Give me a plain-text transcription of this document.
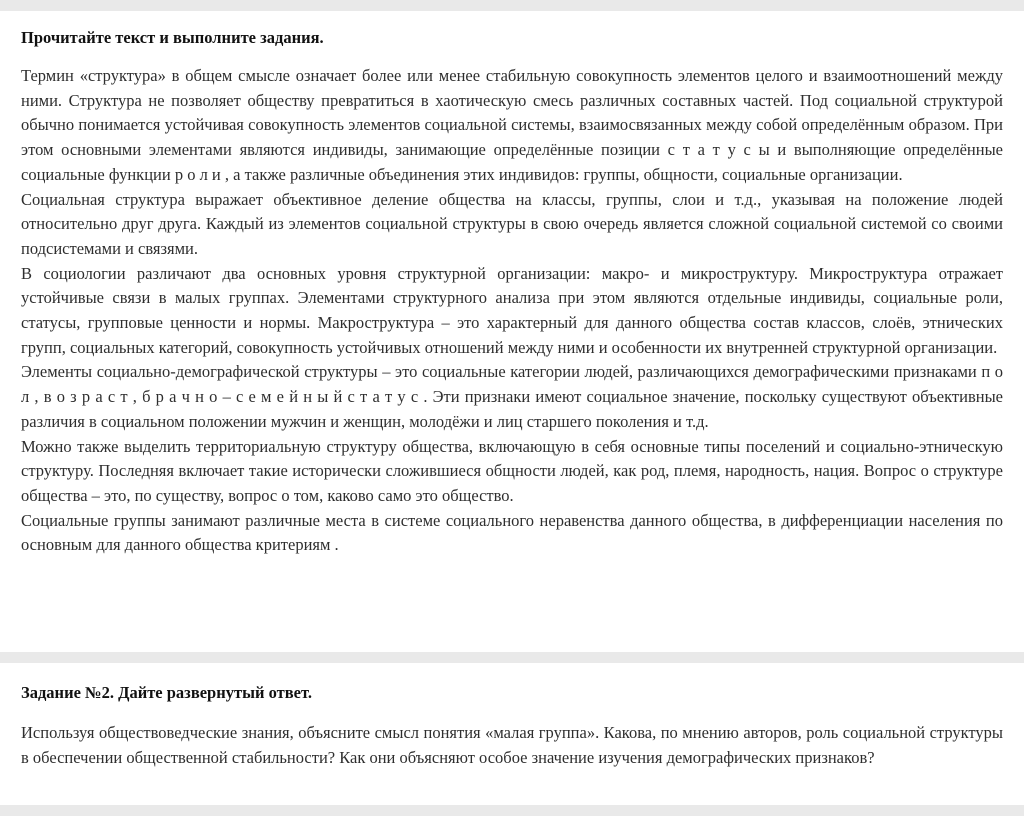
Прочитайте текст и выполните задания.

Термин «структура» в общем смысле означает более или менее стабильную совокупность элементов целого и взаимоотношений между ними. Структура не позволяет обществу превратиться в хаотическую смесь различных составных частей. Под социальной структурой обычно понимается устойчивая совокупность элементов социальной системы, взаимосвязанных между собой определённым образом. При этом основными элементами являются индивиды, занимающие определённые позиции с т а т у с ы и выполняющие определённые социальные функции р о л и , а также различные объединения этих индивидов: группы, общности, социальные организации.

Социальная структура выражает объективное деление общества на классы, группы, слои и т.д., указывая на положение людей относительно друг друга. Каждый из элементов социальной структуры в свою очередь является сложной социальной системой со своими подсистемами и связями.

В социологии различают два основных уровня структурной организации: макро- и микроструктуру. Микроструктура отражает устойчивые связи в малых группах. Элементами структурного анализа при этом являются отдельные индивиды, социальные роли, статусы, групповые ценности и нормы. Макроструктура – это характерный для данного общества состав классов, слоёв, этнических групп, социальных категорий, совокупность устойчивых отношений между ними и особенности их внутренней структурной организации.

Элементы социально-демографической структуры – это социальные категории людей, различающихся демографическими признаками п о л , в о з р а с т , б р а ч н о – с е м е й н ы й с т а т у с . Эти признаки имеют социальное значение, поскольку существуют объективные различия в социальном положении мужчин и женщин, молодёжи и лиц старшего поколения и т.д.

Можно также выделить территориальную структуру общества, включающую в себя основные типы поселений и социально-этническую структуру. Последняя включает такие исторически сложившиеся общности людей, как род, племя, народность, нация. Вопрос о структуре общества – это, по существу, вопрос о том, каково само это общество.

Социальные группы занимают различные места в системе социального неравенства данного общества, в дифференциации населения по основным для данного общества критериям .

Задание №2. Дайте развернутый ответ.

Используя обществоведческие знания, объясните смысл понятия «малая группа». Какова, по мнению авторов, роль социальной структуры в обеспечении общественной стабильности? Как они объясняют особое значение изучения демографических признаков?
